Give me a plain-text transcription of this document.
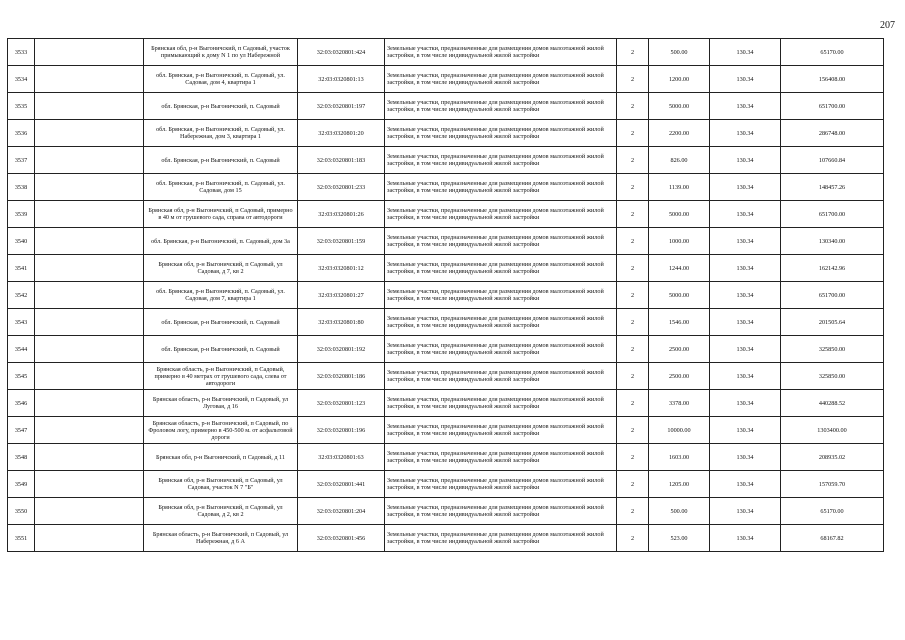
207
3533		Брянская обл, р-н Выгоничский, п Садовый, участок примыкающий к дому N 1 по ул Набережной	32:03:0320801:424	Земельные участки, предназначенные для размещения домов малоэтажной жилой застройки, в том числе индивидуальной жилой застройки	2	500.00	130.34	65170.00
3534		обл. Брянская, р-н Выгоничский, п. Садовый, ул. Садовая, дом 4, квартира 1	32:03:0320801:13	Земельные участки, предназначенные для размещения домов малоэтажной жилой застройки, в том числе индивидуальной жилой застройки	2	1200.00	130.34	156408.00
3535		обл. Брянская, р-н Выгоничский, п. Садовый	32:03:0320801:197	Земельные участки, предназначенные для размещения домов малоэтажной жилой застройки, в том числе индивидуальной жилой застройки	2	5000.00	130.34	651700.00
3536		обл. Брянская, р-н Выгоничский, п. Садовый, ул. Набережная, дом 3, квартира 1	32:03:0320801:20	Земельные участки, предназначенные для размещения домов малоэтажной жилой застройки, в том числе индивидуальной жилой застройки	2	2200.00	130.34	286748.00
3537		обл. Брянская, р-н Выгоничский, п. Садовый	32:03:0320801:183	Земельные участки, предназначенные для размещения домов малоэтажной жилой застройки, в том числе индивидуальной жилой застройки	2	826.00	130.34	107660.84
3538		обл. Брянская, р-н Выгоничский, п. Садовый, ул. Садовая, дом 15	32:03:0320801:233	Земельные участки, предназначенные для размещения домов малоэтажной жилой застройки, в том числе индивидуальной жилой застройки	2	1139.00	130.34	148457.26
3539		Брянская обл, р-н Выгоничский, п Садовый, примерно в 40 м от грушевого сада, справа от автодороги	32:03:0320801:26	Земельные участки, предназначенные для размещения домов малоэтажной жилой застройки, в том числе индивидуальной жилой застройки	2	5000.00	130.34	651700.00
3540		обл. Брянская, р-н Выгоничский, п. Садовый, дом 3а	32:03:0320801:159	Земельные участки, предназначенные для размещения домов малоэтажной жилой застройки, в том числе индивидуальной жилой застройки	2	1000.00	130.34	130340.00
3541		Брянская обл, р-н Выгоничский, п Садовый, ул Садовая, д 7, кв 2	32:03:0320801:12	Земельные участки, предназначенные для размещения домов малоэтажной жилой застройки, в том числе индивидуальной жилой застройки	2	1244.00	130.34	162142.96
3542		обл. Брянская, р-н Выгоничский, п. Садовый, ул. Садовая, дом 7, квартира 1	32:03:0320801:27	Земельные участки, предназначенные для размещения домов малоэтажной жилой застройки, в том числе индивидуальной жилой застройки	2	5000.00	130.34	651700.00
3543		обл. Брянская, р-н Выгоничский, п. Садовый	32:03:0320801:80	Земельные участки, предназначенные для размещения домов малоэтажной жилой застройки, в том числе индивидуальной жилой застройки	2	1546.00	130.34	201505.64
3544		обл. Брянская, р-н Выгоничский, п. Садовый	32:03:0320801:192	Земельные участки, предназначенные для размещения домов малоэтажной жилой застройки, в том числе индивидуальной жилой застройки	2	2500.00	130.34	325850.00
3545		Брянская область, р-н Выгоничский, п Садовый, примерно в 40 метрах от грушевого сада, слева от автодороги	32:03:0320801:186	Земельные участки, предназначенные для размещения домов малоэтажной жилой застройки, в том числе индивидуальной жилой застройки	2	2500.00	130.34	325850.00
3546		Брянская область, р-н Выгоничский, п Садовый, ул Луговая, д 16	32:03:0320801:123	Земельные участки, предназначенные для размещения домов малоэтажной жилой застройки, в том числе индивидуальной жилой застройки	2	3378.00	130.34	440288.52
3547		Брянская область, р-н Выгоничский, п Садовый, по Фроловом логу, примерно в 450-500 м. от асфальтовой дороги	32:03:0320801:196	Земельные участки, предназначенные для размещения домов малоэтажной жилой застройки, в том числе индивидуальной жилой застройки	2	10000.00	130.34	1303400.00
3548		Брянская обл, р-н Выгоничский, п Садовый, д 11	32:03:0320801:63	Земельные участки, предназначенные для размещения домов малоэтажной жилой застройки, в том числе индивидуальной жилой застройки	2	1603.00	130.34	208935.02
3549		Брянская обл, р-н Выгоничский, п Садовый, ул Садовая, участок N 7 "Б"	32:03:0320801:441	Земельные участки, предназначенные для размещения домов малоэтажной жилой застройки, в том числе индивидуальной жилой застройки	2	1205.00	130.34	157059.70
3550		Брянская обл, р-н Выгоничский, п Садовый, ул Садовая, д 2, кв 2	32:03:0320801:204	Земельные участки, предназначенные для размещения домов малоэтажной жилой застройки, в том числе индивидуальной жилой застройки	2	500.00	130.34	65170.00
3551		Брянская область, р-н Выгоничский, п Садовый, ул Набережная, д 6 А	32:03:0320801:456	Земельные участки, предназначенные для размещения домов малоэтажной жилой застройки, в том числе индивидуальной жилой застройки	2	523.00	130.34	68167.82
